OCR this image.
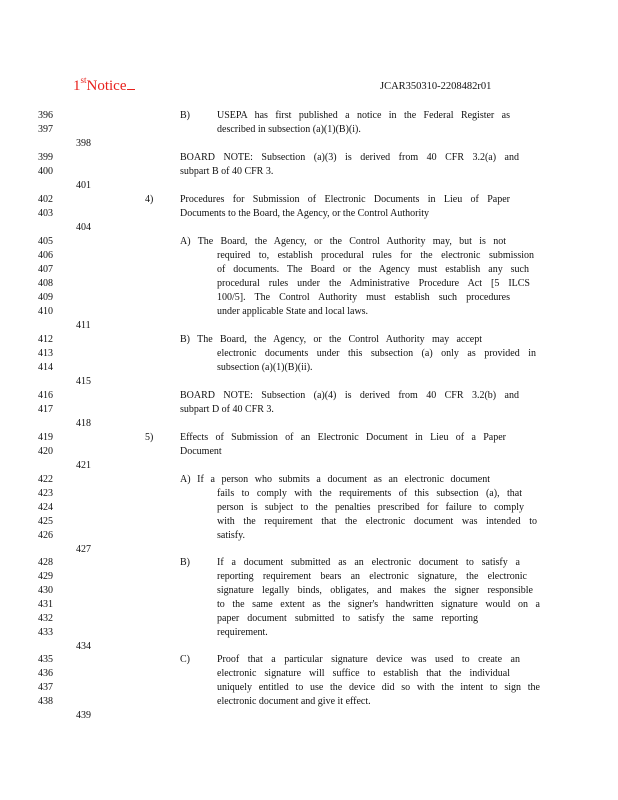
1stNotice	JCAR350310-2208482r01
396	B)	USEPA has first published a notice in the Federal Register as
397	described in subsection (a)(1)(B)(i).
398
399	BOARD NOTE: Subsection (a)(3) is derived from 40 CFR 3.2(a) and
400	subpart B of 40 CFR 3.
401
402	4)	Procedures for Submission of Electronic Documents in Lieu of Paper
403	Documents to the Board, the Agency, or the Control Authority
404
405	A) The Board, the Agency, or the Control Authority may, but is not
406	required to, establish procedural rules for the electronic submission
407	of documents. The Board or the Agency must establish any such
408	procedural rules under the Administrative Procedure Act [5 ILCS
409	100/5]. The Control Authority must establish such procedures
410	under applicable State and local laws.
411
412	B) The Board, the Agency, or the Control Authority may accept
413	electronic documents under this subsection (a) only as provided in
414	subsection (a)(1)(B)(ii).
415
416	BOARD NOTE: Subsection (a)(4) is derived from 40 CFR 3.2(b) and
417	subpart D of 40 CFR 3.
418
419	5)	Effects of Submission of an Electronic Document in Lieu of a Paper
420	Document
421
422	A) If a person who submits a document as an electronic document
423	fails to comply with the requirements of this subsection (a), that
424	person is subject to the penalties prescribed for failure to comply
425	with the requirement that the electronic document was intended to
426	satisfy.
427
428	B)	If a document submitted as an electronic document to satisfy a
429	reporting requirement bears an electronic signature, the electronic
430	signature legally binds, obligates, and makes the signer responsible
431	to the same extent as the signer's handwritten signature would on a
432	paper document submitted to satisfy the same reporting
433	requirement.
434
435	C)	Proof that a particular signature device was used to create an
436	electronic signature will suffice to establish that the individual
437	uniquely entitled to use the device did so with the intent to sign the
438	electronic document and give it effect.
439
